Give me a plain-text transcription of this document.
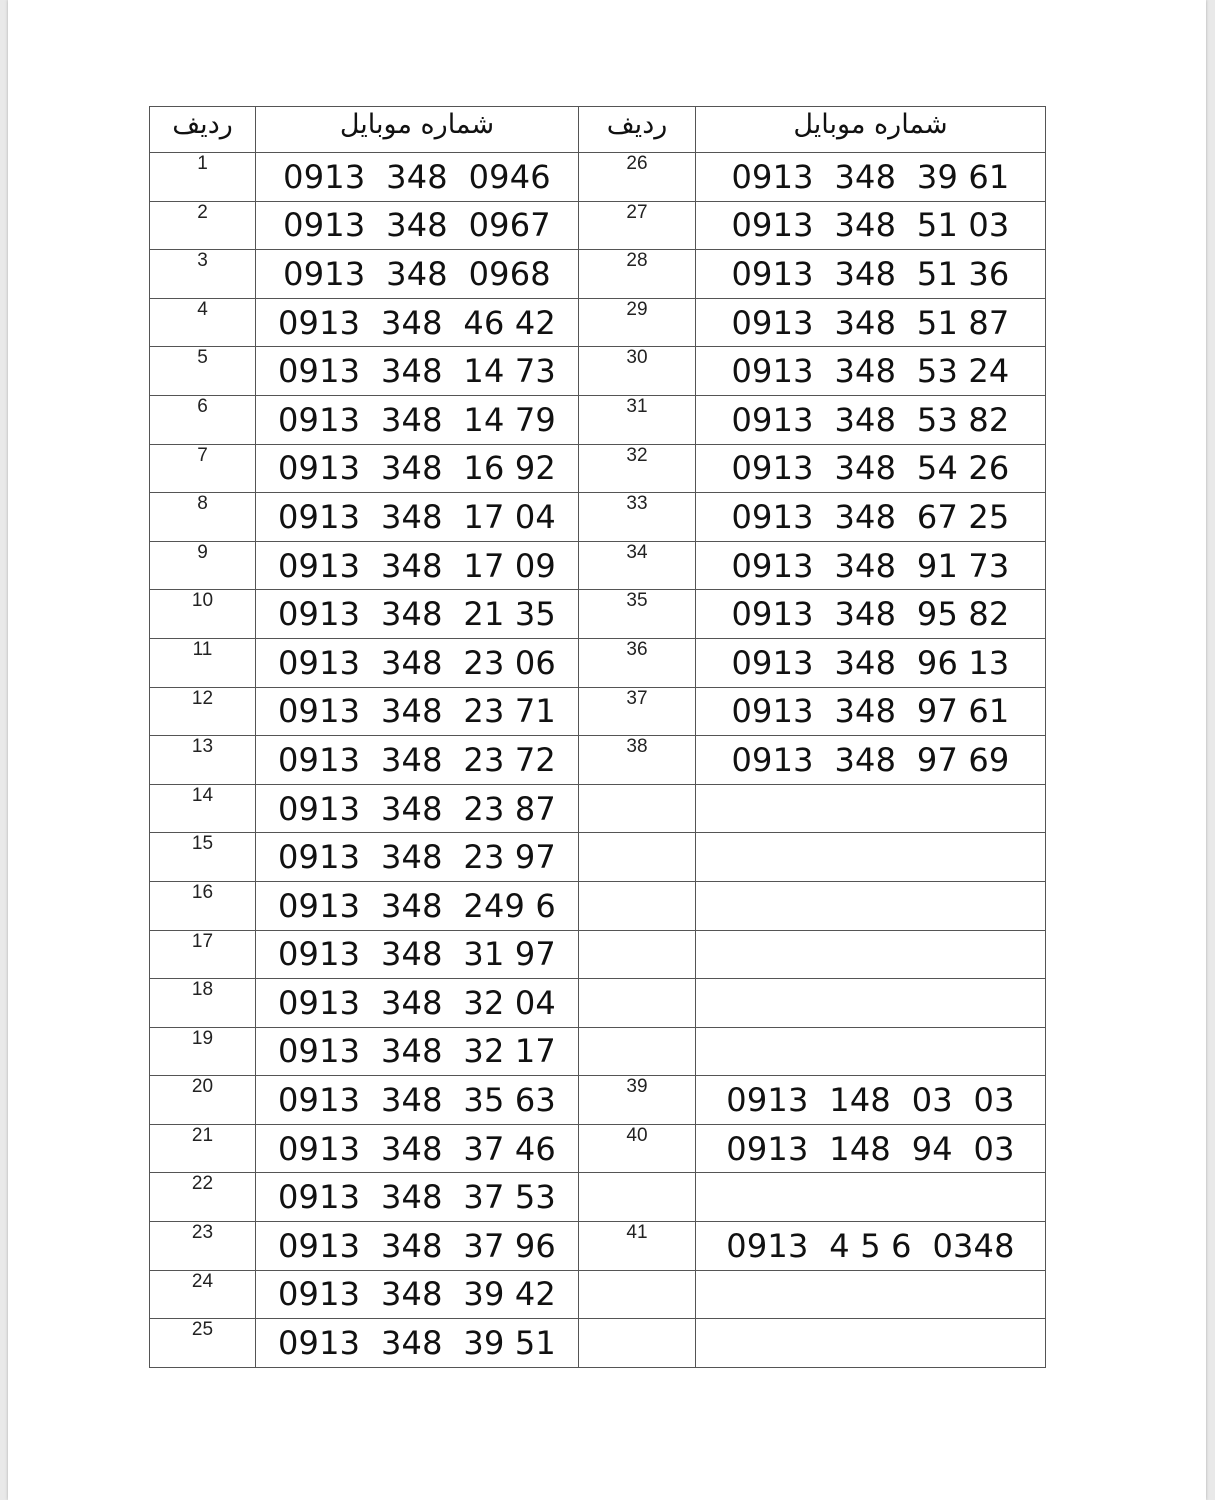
ردیف	شماره موبایل	ردیف	شماره موبایل
1	0913  348  0946	26	0913  348  39 61
2	0913  348  0967	27	0913  348  51 03
3	0913  348  0968	28	0913  348  51 36
4	0913  348  46 42	29	0913  348  51 87
5	0913  348  14 73	30	0913  348  53 24
6	0913  348  14 79	31	0913  348  53 82
7	0913  348  16 92	32	0913  348  54 26
8	0913  348  17 04	33	0913  348  67 25
9	0913  348  17 09	34	0913  348  91 73
10	0913  348  21 35	35	0913  348  95 82
11	0913  348  23 06	36	0913  348  96 13
12	0913  348  23 71	37	0913  348  97 61
13	0913  348  23 72	38	0913  348  97 69
14	0913  348  23 87		
15	0913  348  23 97		
16	0913  348  249 6		
17	0913  348  31 97		
18	0913  348  32 04		
19	0913  348  32 17		
20	0913  348  35 63	39	0913  148  03  03
21	0913  348  37 46	40	0913  148  94  03
22	0913  348  37 53		
23	0913  348  37 96	41	0913  4 5 6  0348
24	0913  348  39 42		
25	0913  348  39 51		
